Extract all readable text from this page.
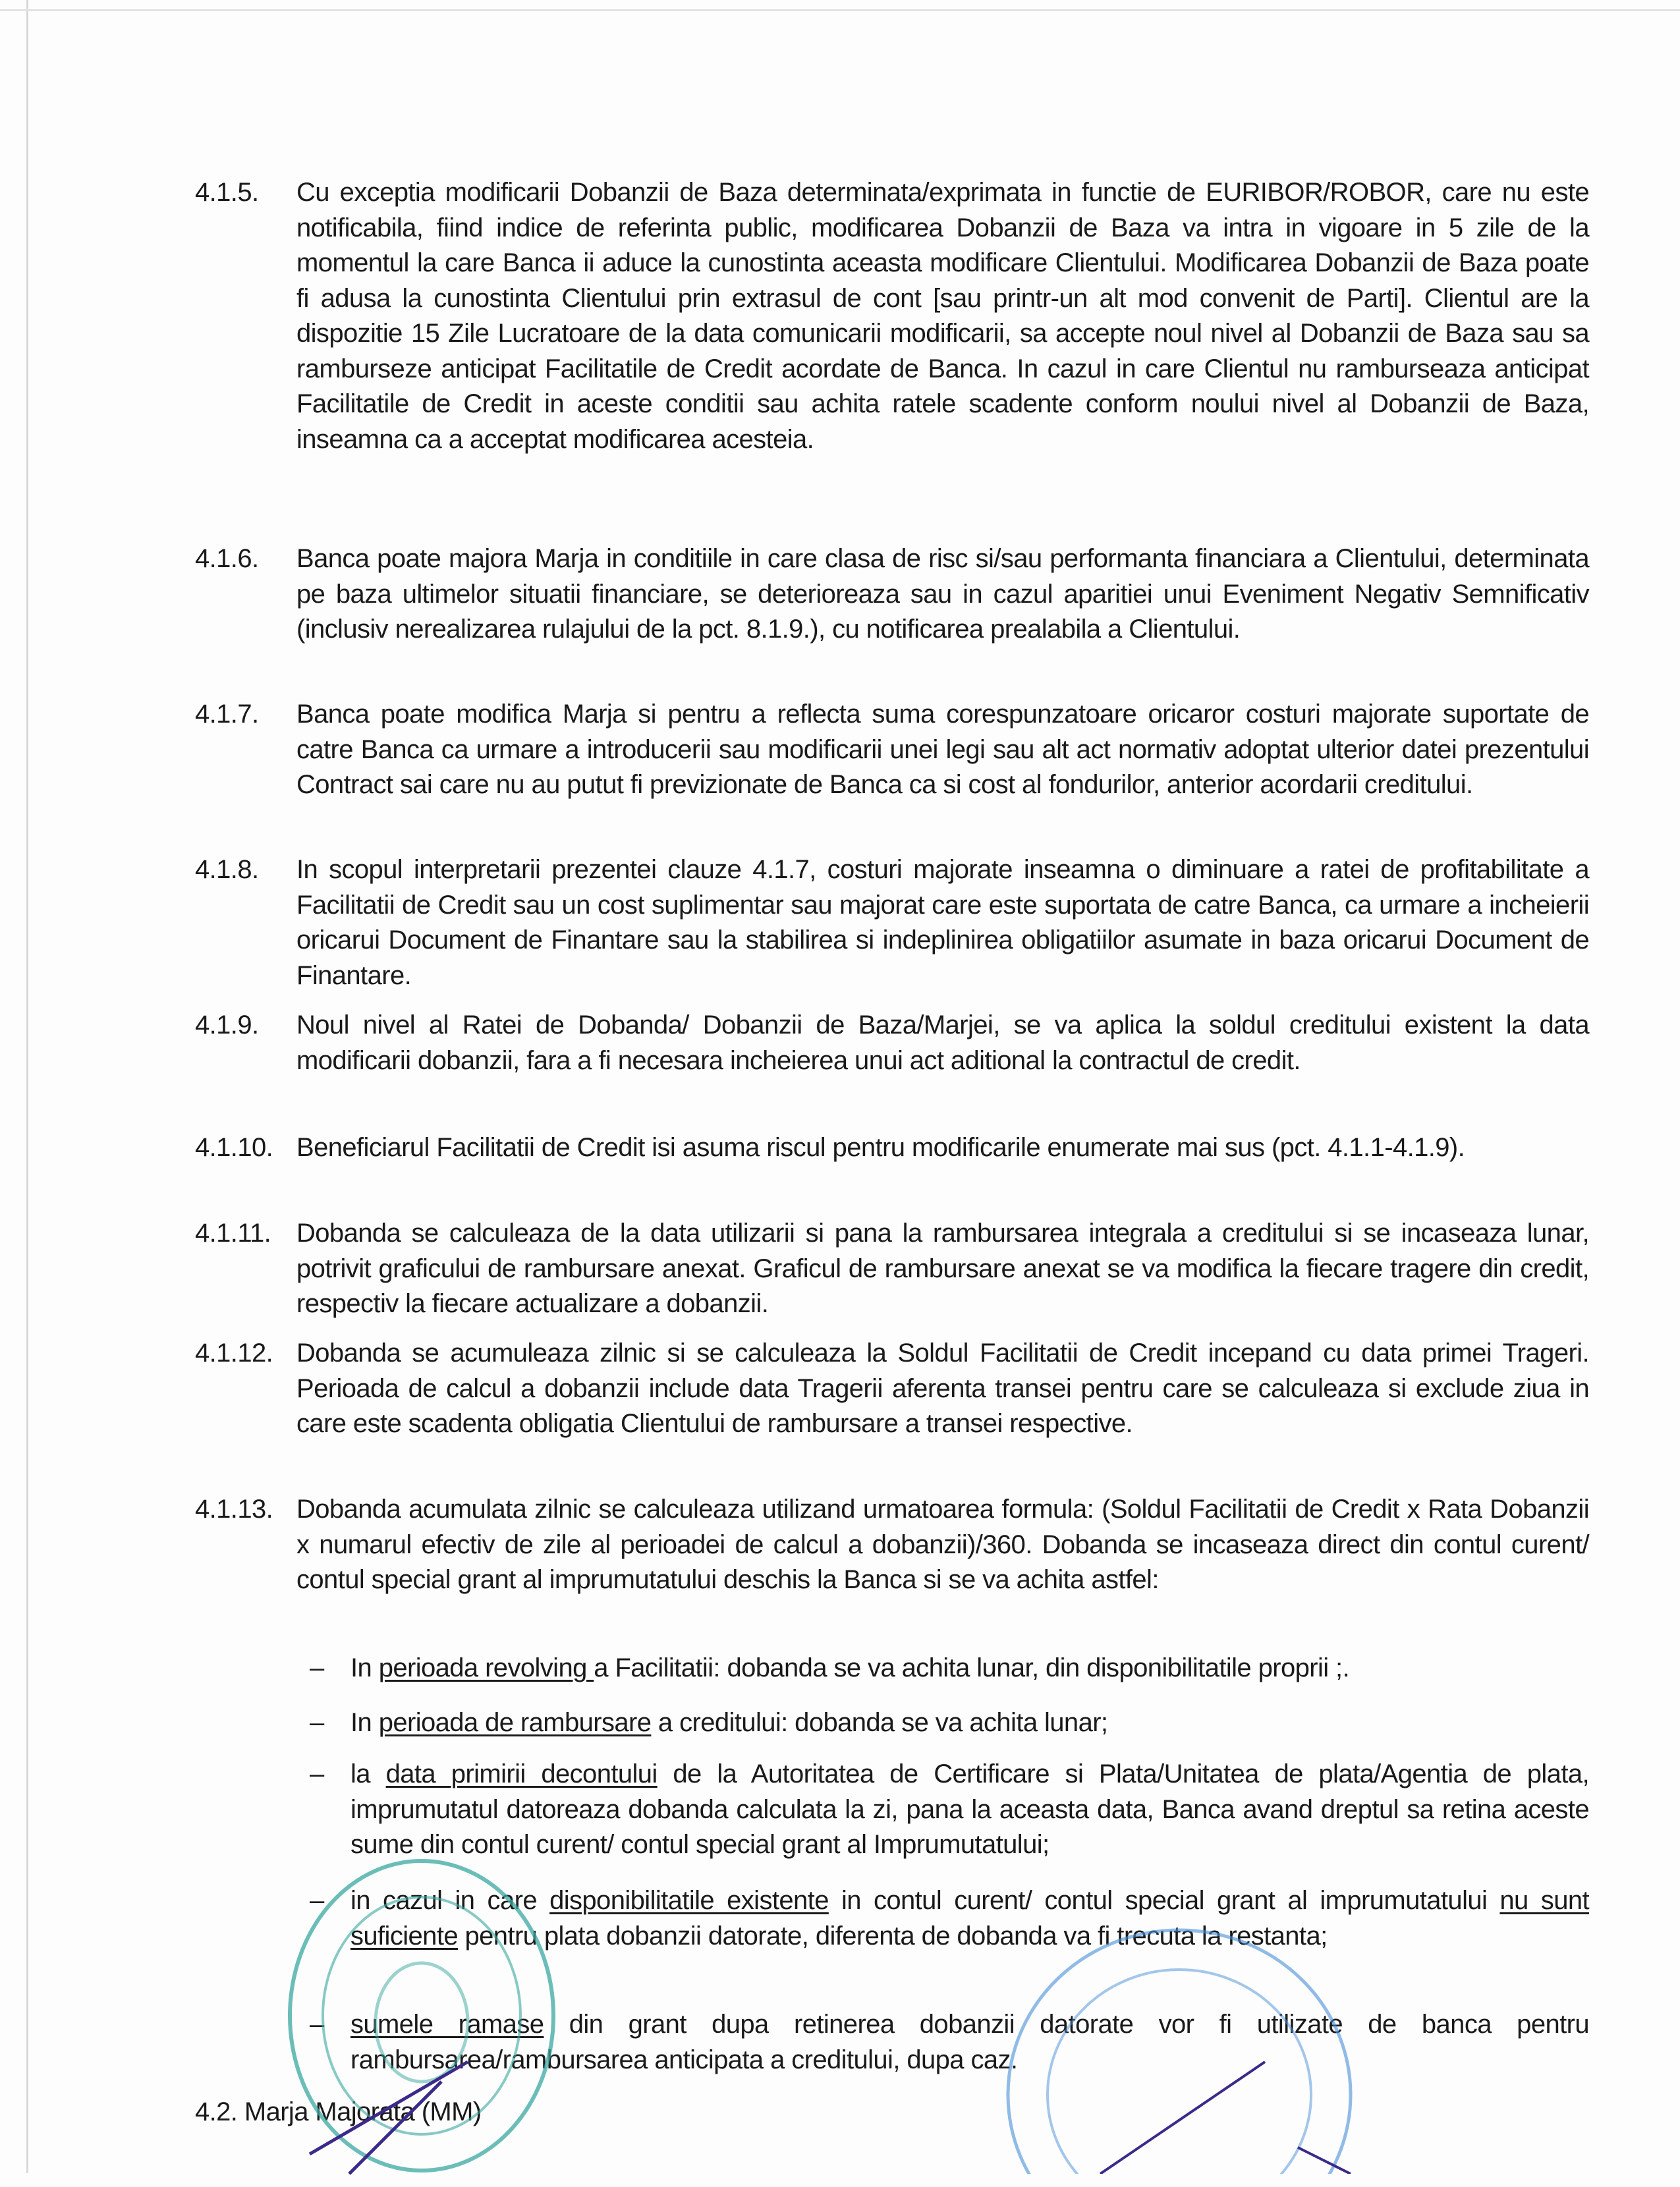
4.1.5. Cu exceptia modificarii Dobanzii de Baza determinata/exprimata in functie de EURIBOR/ROBOR, care nu este notificabila, fiind indice de referinta public, modificarea Dobanzii de Baza va intra in vigoare in 5 zile de la momentul la care Banca ii aduce la cunostinta aceasta modificare Clientului. Modificarea Dobanzii de Baza poate fi adusa la cunostinta Clientului prin extrasul de cont [sau printr-un alt mod convenit de Parti]. Clientul are la dispozitie 15 Zile Lucratoare de la data comunicarii modificarii, sa accepte noul nivel al Dobanzii de Baza sau sa ramburseze anticipat Facilitatile de Credit acordate de Banca. In cazul in care Clientul nu ramburseaza anticipat Facilitatile de Credit in aceste conditii sau achita ratele scadente conform noului nivel al Dobanzii de Baza, inseamna ca a acceptat modificarea acesteia.
4.1.6. Banca poate majora Marja in conditiile in care clasa de risc si/sau performanta financiara a Clientului, determinata pe baza ultimelor situatii financiare, se deterioreaza sau in cazul aparitiei unui Eveniment Negativ Semnificativ (inclusiv nerealizarea rulajului de la pct. 8.1.9.), cu notificarea prealabila a Clientului.
4.1.7. Banca poate modifica Marja si pentru a reflecta suma corespunzatoare oricaror costuri majorate suportate de catre Banca ca urmare a introducerii sau modificarii unei legi sau alt act normativ adoptat ulterior datei prezentului Contract sai care nu au putut fi previzionate de Banca ca si cost al fondurilor, anterior acordarii creditului.
4.1.8. In scopul interpretarii prezentei clauze 4.1.7, costuri majorate inseamna o diminuare a ratei de profitabilitate a Facilitatii de Credit sau un cost suplimentar sau majorat care este suportata de catre Banca, ca urmare a incheierii oricarui Document de Finantare sau la stabilirea si indeplinirea obligatiilor asumate in baza oricarui Document de Finantare.
4.1.9. Noul nivel al Ratei de Dobanda/ Dobanzii de Baza/Marjei, se va aplica la soldul creditului existent la data modificarii dobanzii, fara a fi necesara incheierea unui act aditional la contractul de credit.
4.1.10. Beneficiarul Facilitatii de Credit isi asuma riscul pentru modificarile enumerate mai sus (pct. 4.1.1-4.1.9).
4.1.11. Dobanda se calculeaza de la data utilizarii si pana la rambursarea integrala a creditului si se incaseaza lunar, potrivit graficului de rambursare anexat. Graficul de rambursare anexat se va modifica la fiecare tragere din credit, respectiv la fiecare actualizare a dobanzii.
4.1.12. Dobanda se acumuleaza zilnic si se calculeaza la Soldul Facilitatii de Credit incepand cu data primei Trageri. Perioada de calcul a dobanzii include data Tragerii aferenta transei pentru care se calculeaza si exclude ziua in care este scadenta obligatia Clientului de rambursare a transei respective.
4.1.13. Dobanda acumulata zilnic se calculeaza utilizand urmatoarea formula: (Soldul Facilitatii de Credit x Rata Dobanzii x numarul efectiv de zile al perioadei de calcul a dobanzii)/360. Dobanda se incaseaza direct din contul curent/ contul special grant al imprumutatului deschis la Banca si se va achita astfel:
– In perioada revolving a Facilitatii: dobanda se va achita lunar, din disponibilitatile proprii ;.
– In perioada de rambursare a creditului: dobanda se va achita lunar;
– la data primirii decontului de la Autoritatea de Certificare si Plata/Unitatea de plata/Agentia de plata, imprumutatul datoreaza dobanda calculata la zi, pana la aceasta data, Banca avand dreptul sa retina aceste sume din contul curent/ contul special grant al Imprumutatului;
– in cazul in care disponibilitatile existente in contul curent/ contul special grant al imprumutatului nu sunt suficiente pentru plata dobanzii datorate, diferenta de dobanda va fi trecuta la restanta;
– sumele ramase din grant dupa retinerea dobanzii datorate vor fi utilizate de banca pentru rambursarea/rambursarea anticipata a creditului, dupa caz.
4.2. Marja Majorata (MM)
